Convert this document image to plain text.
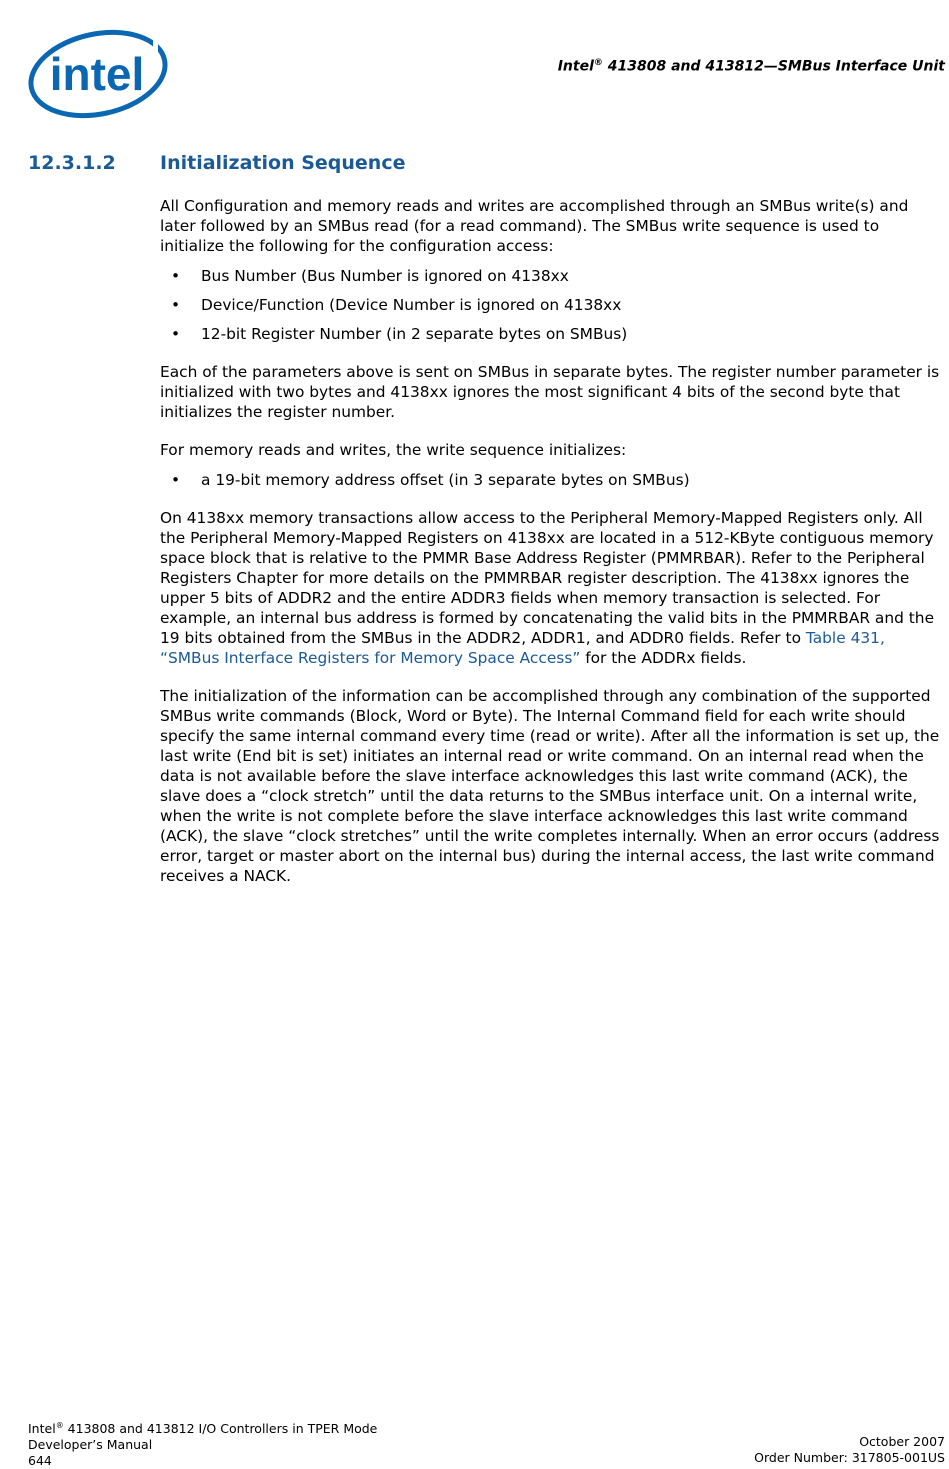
intel	Intel® 413808 and 413812—SMBus Interface Unit
12.3.1.2 Initialization Sequence

All Configuration and memory reads and writes are accomplished through an SMBus write(s) and later followed by an SMBus read (for a read command). The SMBus write sequence is used to initialize the following for the configuration access:

• Bus Number (Bus Number is ignored on 4138xx
• Device/Function (Device Number is ignored on 4138xx
• 12-bit Register Number (in 2 separate bytes on SMBus)

Each of the parameters above is sent on SMBus in separate bytes. The register number parameter is initialized with two bytes and 4138xx ignores the most significant 4 bits of the second byte that initializes the register number.

For memory reads and writes, the write sequence initializes:

• a 19-bit memory address offset (in 3 separate bytes on SMBus)

On 4138xx memory transactions allow access to the Peripheral Memory-Mapped Registers only. All the Peripheral Memory-Mapped Registers on 4138xx are located in a 512-KByte contiguous memory space block that is relative to the PMMR Base Address Register (PMMRBAR). Refer to the Peripheral Registers Chapter for more details on the PMMRBAR register description. The 4138xx ignores the upper 5 bits of ADDR2 and the entire ADDR3 fields when memory transaction is selected. For example, an internal bus address is formed by concatenating the valid bits in the PMMRBAR and the 19 bits obtained from the SMBus in the ADDR2, ADDR1, and ADDR0 fields. Refer to Table 431, “SMBus Interface Registers for Memory Space Access” for the ADDRx fields.

The initialization of the information can be accomplished through any combination of the supported SMBus write commands (Block, Word or Byte). The Internal Command field for each write should specify the same internal command every time (read or write). After all the information is set up, the last write (End bit is set) initiates an internal read or write command. On an internal read when the data is not available before the slave interface acknowledges this last write command (ACK), the slave does a “clock stretch” until the data returns to the SMBus interface unit. On a internal write, when the write is not complete before the slave interface acknowledges this last write command (ACK), the slave “clock stretches” until the write completes internally. When an error occurs (address error, target or master abort on the internal bus) during the internal access, the last write command receives a NACK.

Intel® 413808 and 413812 I/O Controllers in TPER Mode
Developer’s Manual
644
October 2007
Order Number: 317805-001US
